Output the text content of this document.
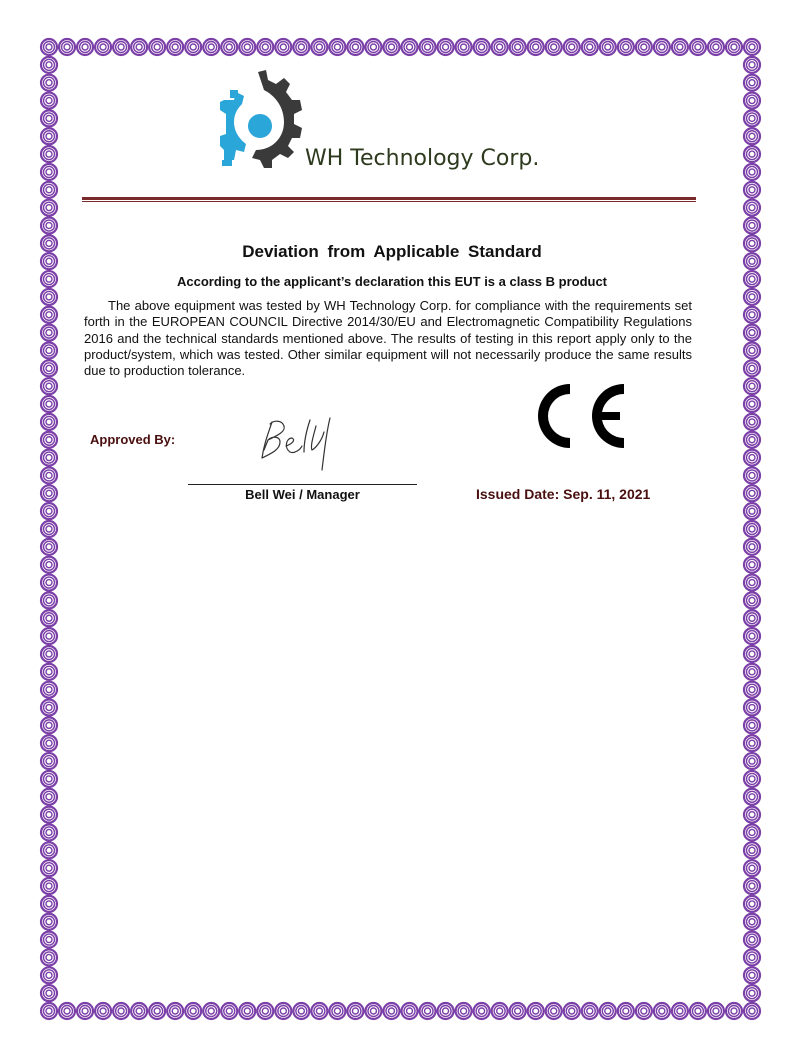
WH Technology Corp.
Deviation from Applicable Standard
According to the applicant’s declaration this EUT is a class B product

The above equipment was tested by WH Technology Corp. for compliance with the requirements set forth in the EUROPEAN COUNCIL Directive 2014/30/EU and Electromagnetic Compatibility Regulations 2016 and the technical standards mentioned above. The results of testing in this report apply only to the product/system, which was tested. Other similar equipment will not necessarily produce the same results due to production tolerance.

Approved By:
Bell Wei / Manager	Issued Date: Sep. 11, 2021
